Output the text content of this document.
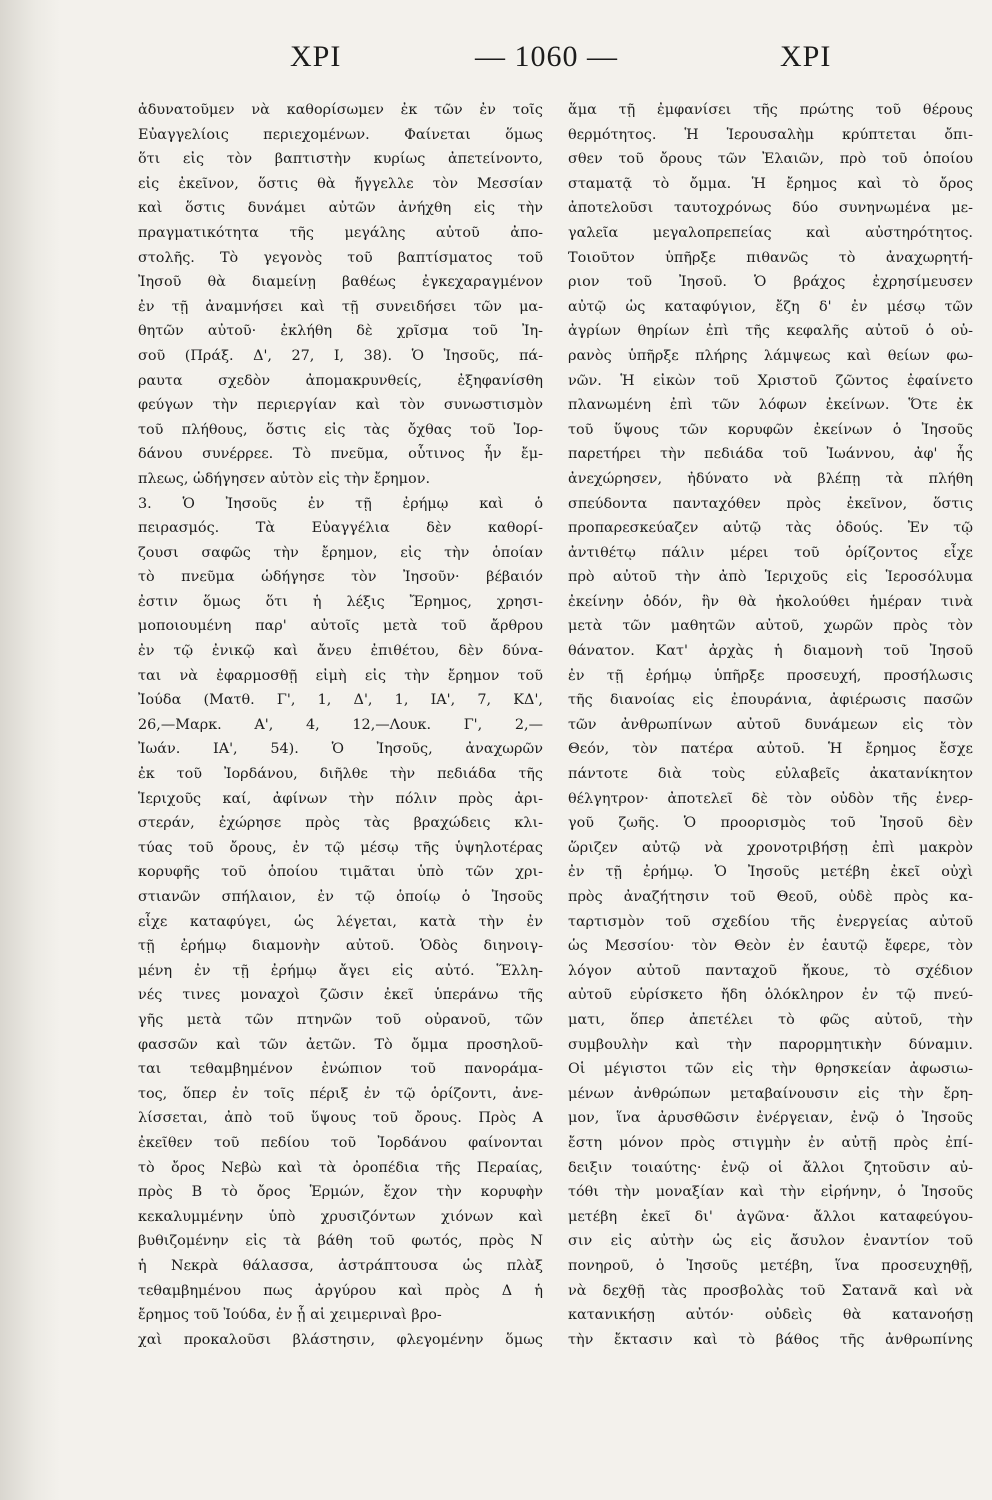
ΧΡΙ	— 1060 —	ΧΡΙ
ἀδυνατοῦμεν νὰ καθορίσωμεν ἐκ τῶν ἐν τοῖς
Εὐαγγελίοις περιεχομένων. Φαίνεται ὅμως
ὅτι εἰς τὸν βαπτιστὴν κυρίως ἀπετείνοντο,
εἰς ἐκεῖνον, ὅστις θὰ ἤγγελλε τὸν Μεσσίαν
καὶ ὅστις δυνάμει αὐτῶν ἀνήχθη εἰς τὴν
πραγματικότητα τῆς μεγάλης αὐτοῦ ἀπο-
στολῆς. Τὸ γεγονὸς τοῦ βαπτίσματος τοῦ
Ἰησοῦ θὰ διαμείνῃ βαθέως ἐγκεχαραγμένον
ἐν τῇ ἀναμνήσει καὶ τῇ συνειδήσει τῶν μα-
θητῶν αὐτοῦ· ἐκλήθη δὲ χρῖσμα τοῦ Ἰη-
σοῦ (Πράξ. Δ', 27, Ι, 38). Ὁ Ἰησοῦς, πά-
ραυτα σχεδὸν ἀπομακρυνθείς, ἐξηφανίσθη
φεύγων τὴν περιεργίαν καὶ τὸν συνωστισμὸν
τοῦ πλήθους, ὅστις εἰς τὰς ὄχθας τοῦ Ἰορ-
δάνου συνέρρεε. Τὸ πνεῦμα, οὗτινος ἦν ἔμ-
πλεως, ὡδήγησεν αὐτὸν εἰς τὴν ἔρημον.
3. Ὁ Ἰησοῦς ἐν τῇ ἐρήμῳ καὶ ὁ
πειρασμός. Τὰ Εὐαγγέλια δὲν καθορί-
ζουσι σαφῶς τὴν ἔρημον, εἰς τὴν ὁποίαν
τὸ πνεῦμα ὡδήγησε τὸν Ἰησοῦν· βέβαιόν
ἐστιν ὅμως ὅτι ἡ λέξις Ἔρημος, χρησι-
μοποιουμένη παρ' αὐτοῖς μετὰ τοῦ ἄρθρου
ἐν τῷ ἐνικῷ καὶ ἄνευ ἐπιθέτου, δὲν δύνα-
ται νὰ ἐφαρμοσθῇ εἰμὴ εἰς τὴν ἔρημον τοῦ
Ἰούδα (Ματθ. Γ', 1, Δ', 1, ΙΑ', 7, ΚΔ',
26,—Μαρκ. Α', 4, 12,—Λουκ. Γ', 2,—
Ἰωάν. ΙΑ', 54). Ὁ Ἰησοῦς, ἀναχωρῶν
ἐκ τοῦ Ἰορδάνου, διῆλθε τὴν πεδιάδα τῆς
Ἱεριχοῦς καί, ἀφίνων τὴν πόλιν πρὸς ἀρι-
στεράν, ἐχώρησε πρὸς τὰς βραχώδεις κλι-
τύας τοῦ ὄρους, ἐν τῷ μέσῳ τῆς ὑψηλοτέρας
κορυφῆς τοῦ ὁποίου τιμᾶται ὑπὸ τῶν χρι-
στιανῶν σπήλαιον, ἐν τῷ ὁποίῳ ὁ Ἰησοῦς
εἶχε καταφύγει, ὡς λέγεται, κατὰ τὴν ἐν
τῇ ἐρήμῳ διαμονὴν αὐτοῦ. Ὁδὸς διηνοιγ-
μένη ἐν τῇ ἐρήμῳ ἄγει εἰς αὐτό. Ἕλλη-
νές τινες μοναχοὶ ζῶσιν ἐκεῖ ὑπεράνω τῆς
γῆς μετὰ τῶν πτηνῶν τοῦ οὐρανοῦ, τῶν
φασσῶν καὶ τῶν ἀετῶν. Τὸ ὄμμα προσηλοῦ-
ται τεθαμβημένον ἐνώπιον τοῦ πανοράμα-
τος, ὅπερ ἐν τοῖς πέριξ ἐν τῷ ὁρίζοντι, ἀνε-
λίσσεται, ἀπὸ τοῦ ὕψους τοῦ ὄρους. Πρὸς Α
ἐκεῖθεν τοῦ πεδίου τοῦ Ἰορδάνου φαίνονται
τὸ ὄρος Νεβὼ καὶ τὰ ὀροπέδια τῆς Περαίας,
πρὸς Β τὸ ὄρος Ἑρμών, ἔχον τὴν κορυφὴν
κεκαλυμμένην ὑπὸ χρυσιζόντων χιόνων καὶ
βυθιζομένην εἰς τὰ βάθη τοῦ φωτός, πρὸς Ν
ἡ Νεκρὰ θάλασσα, ἀστράπτουσα ὡς πλὰξ
τεθαμβημένου πως ἀργύρου καὶ πρὸς Δ ἡ
ἔρημος τοῦ Ἰούδα, ἐν ᾗ αἱ χειμεριναὶ βρο-
χαὶ προκαλοῦσι βλάστησιν, φλεγομένην ὅμως
ἅμα τῇ ἐμφανίσει τῆς πρώτης τοῦ θέρους
θερμότητος. Ἡ Ἱερουσαλὴμ κρύπτεται ὄπι-
σθεν τοῦ ὄρους τῶν Ἐλαιῶν, πρὸ τοῦ ὁποίου
σταματᾷ τὸ ὄμμα. Ἡ ἔρημος καὶ τὸ ὄρος
ἀποτελοῦσι ταυτοχρόνως δύο συνηνωμένα με-
γαλεῖα μεγαλοπρεπείας καὶ αὐστηρότητος.
Τοιοῦτον ὑπῆρξε πιθανῶς τὸ ἀναχωρητή-
ριον τοῦ Ἰησοῦ. Ὁ βράχος ἐχρησίμευσεν
αὐτῷ ὡς καταφύγιον, ἔζη δ' ἐν μέσῳ τῶν
ἀγρίων θηρίων ἐπὶ τῆς κεφαλῆς αὐτοῦ ὁ οὐ-
ρανὸς ὑπῆρξε πλήρης λάμψεως καὶ θείων φω-
νῶν. Ἡ εἰκὼν τοῦ Χριστοῦ ζῶντος ἐφαίνετο
πλανωμένη ἐπὶ τῶν λόφων ἐκείνων. Ὅτε ἐκ
τοῦ ὕψους τῶν κορυφῶν ἐκείνων ὁ Ἰησοῦς
παρετήρει τὴν πεδιάδα τοῦ Ἰωάννου, ἀφ' ἧς
ἀνεχώρησεν, ἠδύνατο νὰ βλέπῃ τὰ πλήθη
σπεύδοντα πανταχόθεν πρὸς ἐκεῖνον, ὅστις
προπαρεσκεύαζεν αὐτῷ τὰς ὁδούς. Ἐν τῷ
ἀντιθέτῳ πάλιν μέρει τοῦ ὁρίζοντος εἶχε
πρὸ αὐτοῦ τὴν ἀπὸ Ἱεριχοῦς εἰς Ἱεροσόλυμα
ἐκείνην ὁδόν, ἣν θὰ ἠκολούθει ἡμέραν τινὰ
μετὰ τῶν μαθητῶν αὐτοῦ, χωρῶν πρὸς τὸν
θάνατον. Κατ' ἀρχὰς ἡ διαμονὴ τοῦ Ἰησοῦ
ἐν τῇ ἐρήμῳ ὑπῆρξε προσευχή, προσήλωσις
τῆς διανοίας εἰς ἐπουράνια, ἀφιέρωσις πασῶν
τῶν ἀνθρωπίνων αὐτοῦ δυνάμεων εἰς τὸν
Θεόν, τὸν πατέρα αὐτοῦ. Ἡ ἔρημος ἔσχε
πάντοτε διὰ τοὺς εὐλαβεῖς ἀκατανίκητον
θέλγητρον· ἀποτελεῖ δὲ τὸν οὐδὸν τῆς ἐνερ-
γοῦ ζωῆς. Ὁ προορισμὸς τοῦ Ἰησοῦ δὲν
ὥριζεν αὐτῷ νὰ χρονοτριβήσῃ ἐπὶ μακρὸν
ἐν τῇ ἐρήμῳ. Ὁ Ἰησοῦς μετέβη ἐκεῖ οὐχὶ
πρὸς ἀναζήτησιν τοῦ Θεοῦ, οὐδὲ πρὸς κα-
ταρτισμὸν τοῦ σχεδίου τῆς ἐνεργείας αὐτοῦ
ὡς Μεσσίου· τὸν Θεὸν ἐν ἑαυτῷ ἔφερε, τὸν
λόγον αὐτοῦ πανταχοῦ ἤκουε, τὸ σχέδιον
αὐτοῦ εὑρίσκετο ἤδη ὁλόκληρον ἐν τῷ πνεύ-
ματι, ὅπερ ἀπετέλει τὸ φῶς αὐτοῦ, τὴν
συμβουλὴν καὶ τὴν παρορμητικὴν δύναμιν.
Οἱ μέγιστοι τῶν εἰς τὴν θρησκείαν ἀφωσιω-
μένων ἀνθρώπων μεταβαίνουσιν εἰς τὴν ἔρη-
μον, ἵνα ἀρυσθῶσιν ἐνέργειαν, ἐνῷ ὁ Ἰησοῦς
ἔστη μόνον πρὸς στιγμὴν ἐν αὐτῇ πρὸς ἐπί-
δειξιν τοιαύτης· ἐνῷ οἱ ἄλλοι ζητοῦσιν αὐ-
τόθι τὴν μοναξίαν καὶ τὴν εἰρήνην, ὁ Ἰησοῦς
μετέβη ἐκεῖ δι' ἀγῶνα· ἄλλοι καταφεύγου-
σιν εἰς αὐτὴν ὡς εἰς ἄσυλον ἐναντίον τοῦ
πονηροῦ, ὁ Ἰησοῦς μετέβη, ἵνα προσευχηθῇ,
νὰ δεχθῇ τὰς προσβολὰς τοῦ Σατανᾶ καὶ νὰ
κατανικήσῃ αὐτόν· οὐδεὶς θὰ κατανοήσῃ
τὴν ἔκτασιν καὶ τὸ βάθος τῆς ἀνθρωπίνης
